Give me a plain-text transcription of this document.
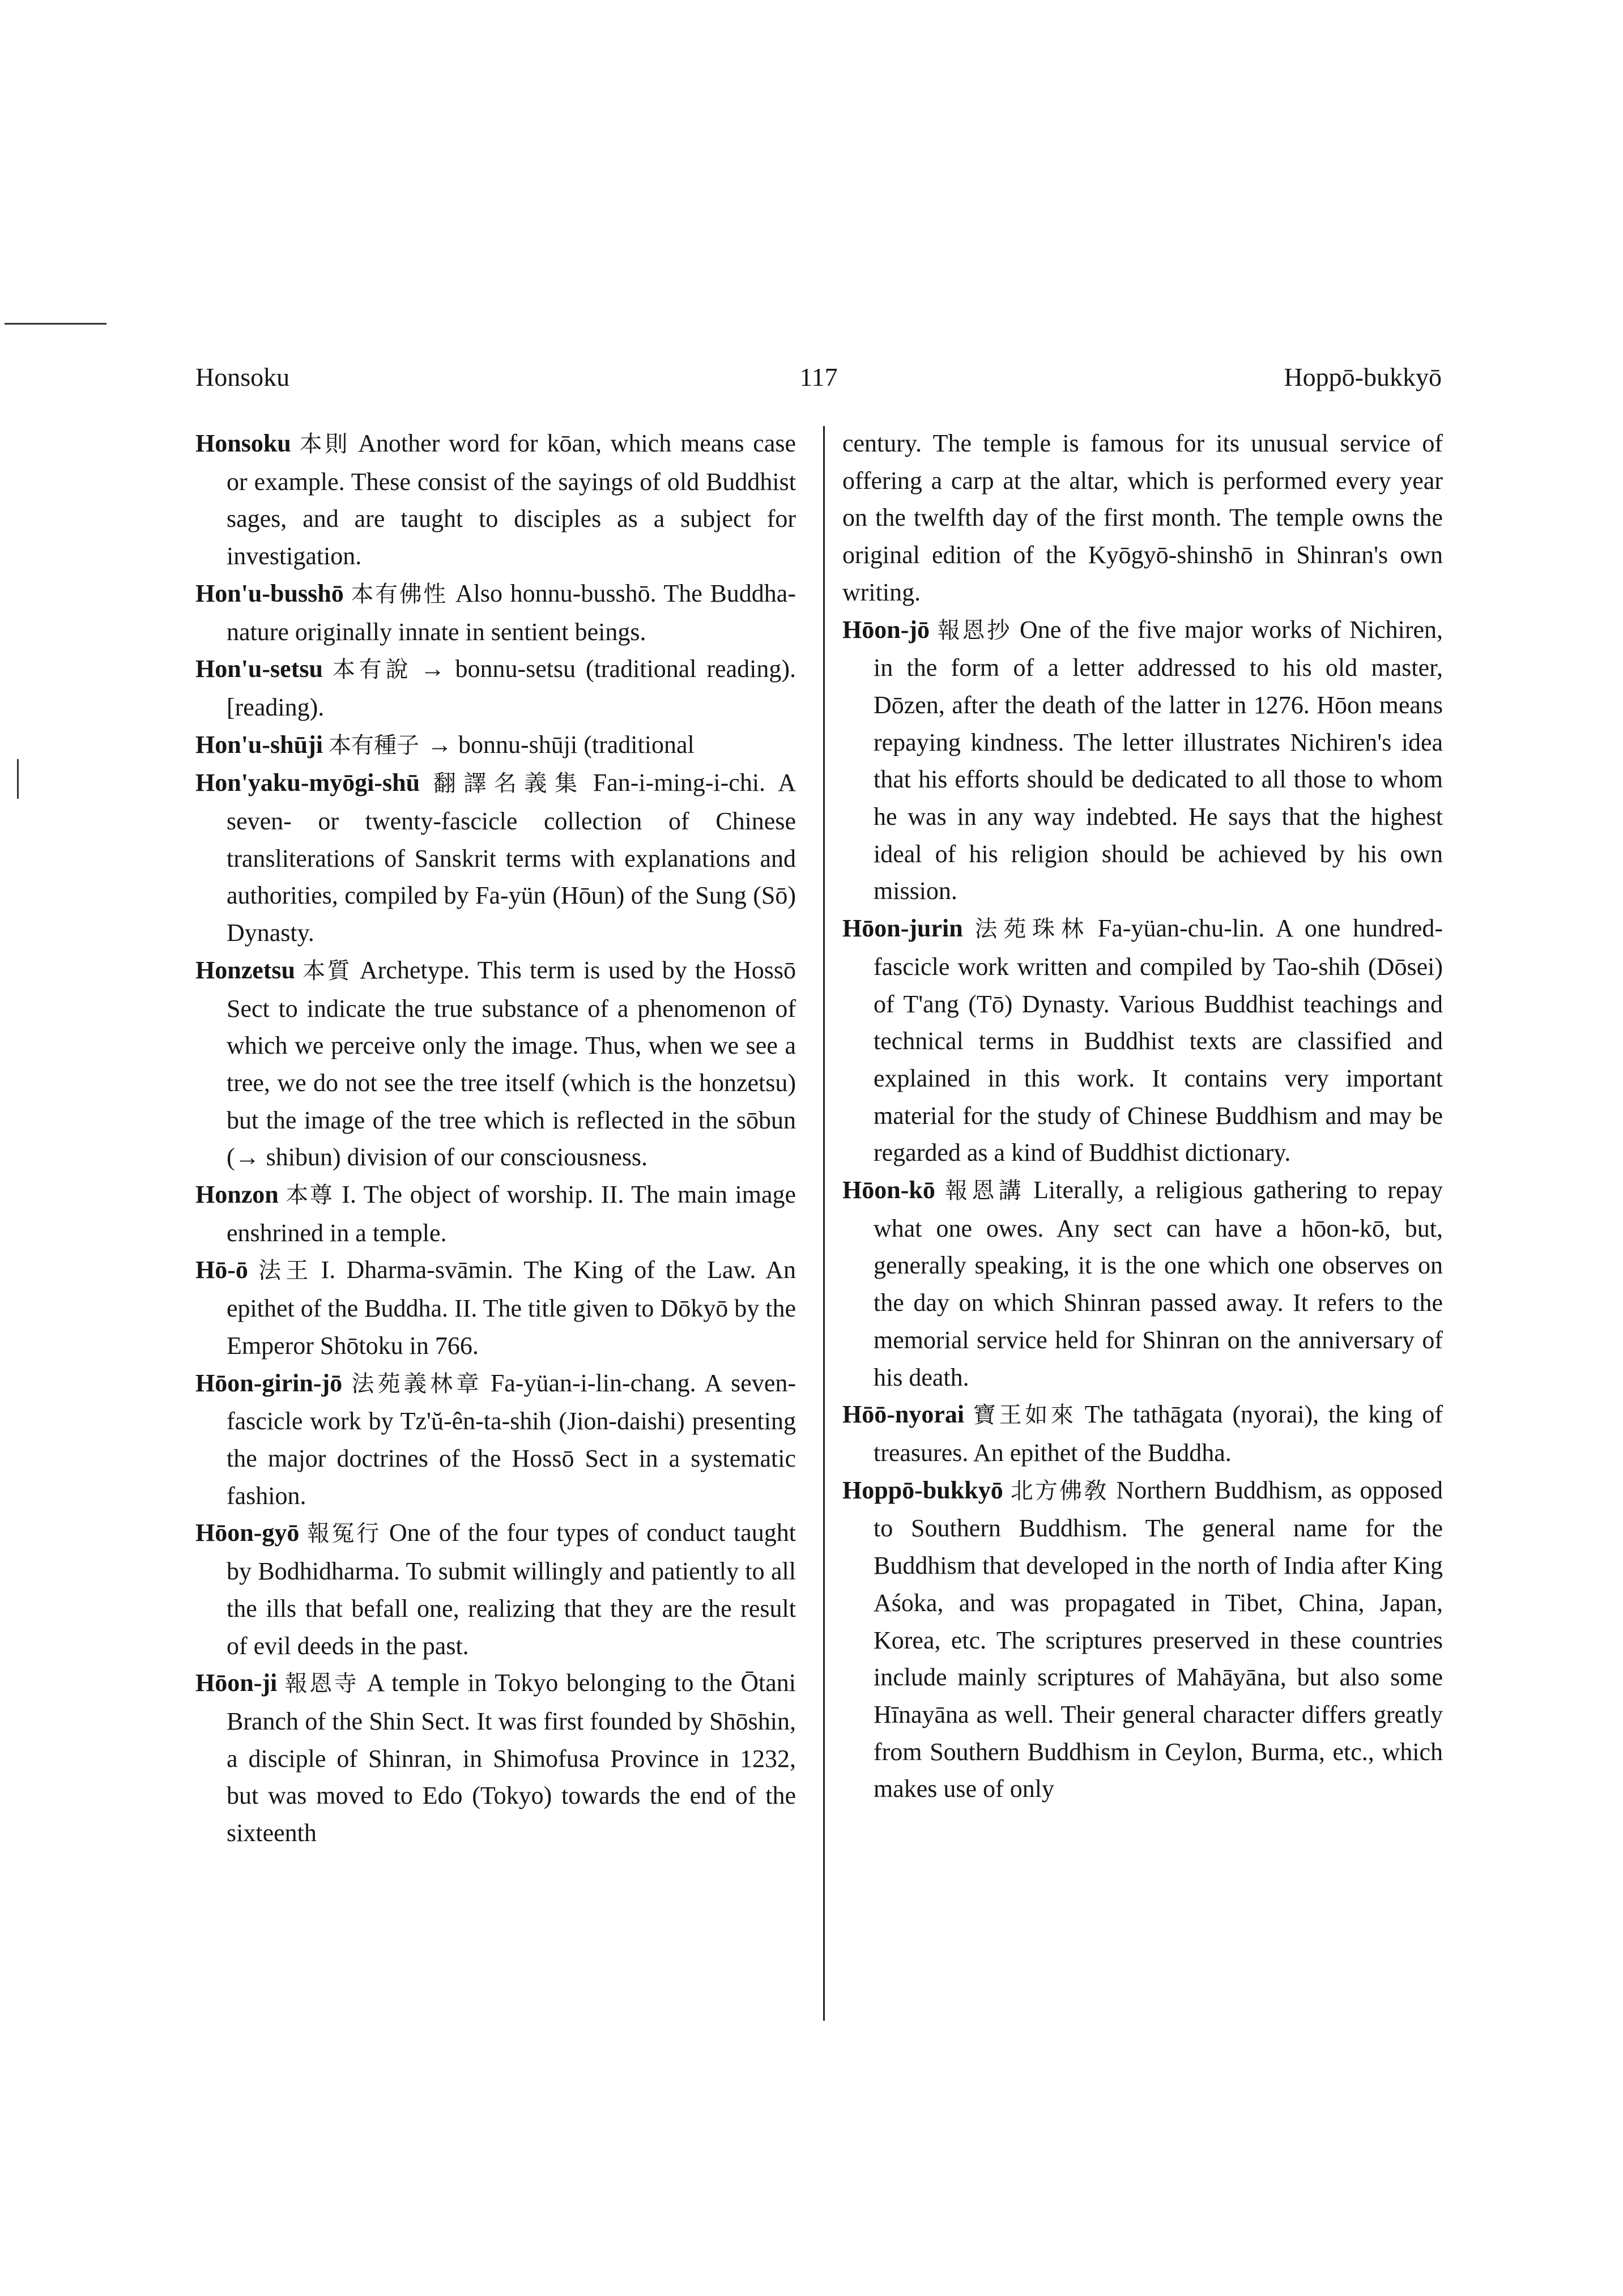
Honsoku	117	Hoppō-bukkyō

Honsoku 本則 Another word for kōan, which means case or example. These consist of the sayings of old Buddhist sages, and are taught to disciples as a subject for investigation.

Hon'u-busshō 本有佛性 Also honnu-busshō. The Buddha-nature originally innate in sentient beings.

Hon'u-setsu 本有說 → bonnu-setsu (traditional reading). [reading).

Hon'u-shūji 本有種子 → bonnu-shūji (traditional

Hon'yaku-myōgi-shū 翻譯名義集 Fan-i-ming-i-chi. A seven- or twenty-fascicle collection of Chinese transliterations of Sanskrit terms with explanations and authorities, compiled by Fa-yün (Hōun) of the Sung (Sō) Dynasty.

Honzetsu 本質 Archetype. This term is used by the Hossō Sect to indicate the true substance of a phenomenon of which we perceive only the image. Thus, when we see a tree, we do not see the tree itself (which is the honzetsu) but the image of the tree which is reflected in the sōbun (→ shibun) division of our consciousness.

Honzon 本尊 I. The object of worship. II. The main image enshrined in a temple.

Hō-ō 法王 I. Dharma-svāmin. The King of the Law. An epithet of the Buddha. II. The title given to Dōkyō by the Emperor Shōtoku in 766.

Hōon-girin-jō 法苑義林章 Fa-yüan-i-lin-chang. A seven-fascicle work by Tz'ŭ-ên-ta-shih (Jion-daishi) presenting the major doctrines of the Hossō Sect in a systematic fashion.

Hōon-gyō 報冤行 One of the four types of conduct taught by Bodhidharma. To submit willingly and patiently to all the ills that befall one, realizing that they are the result of evil deeds in the past.

Hōon-ji 報恩寺 A temple in Tokyo belonging to the Ōtani Branch of the Shin Sect. It was first founded by Shōshin, a disciple of Shinran, in Shimofusa Province in 1232, but was moved to Edo (Tokyo) towards the end of the sixteenth

century. The temple is famous for its unusual service of offering a carp at the altar, which is performed every year on the twelfth day of the first month. The temple owns the original edition of the Kyōgyō-shinshō in Shinran's own writing.

Hōon-jō 報恩抄 One of the five major works of Nichiren, in the form of a letter addressed to his old master, Dōzen, after the death of the latter in 1276. Hōon means repaying kindness. The letter illustrates Nichiren's idea that his efforts should be dedicated to all those to whom he was in any way indebted. He says that the highest ideal of his religion should be achieved by his own mission.

Hōon-jurin 法苑珠林 Fa-yüan-chu-lin. A one hundred-fascicle work written and compiled by Tao-shih (Dōsei) of T'ang (Tō) Dynasty. Various Buddhist teachings and technical terms in Buddhist texts are classified and explained in this work. It contains very important material for the study of Chinese Buddhism and may be regarded as a kind of Buddhist dictionary.

Hōon-kō 報恩講 Literally, a religious gathering to repay what one owes. Any sect can have a hōon-kō, but, generally speaking, it is the one which one observes on the day on which Shinran passed away. It refers to the memorial service held for Shinran on the anniversary of his death.

Hōō-nyorai 寶王如來 The tathāgata (nyorai), the king of treasures. An epithet of the Buddha.

Hoppō-bukkyō 北方佛敎 Northern Buddhism, as opposed to Southern Buddhism. The general name for the Buddhism that developed in the north of India after King Aśoka, and was propagated in Tibet, China, Japan, Korea, etc. The scriptures preserved in these countries include mainly scriptures of Mahāyāna, but also some Hīnayāna as well. Their general character differs greatly from Southern Buddhism in Ceylon, Burma, etc., which makes use of only
